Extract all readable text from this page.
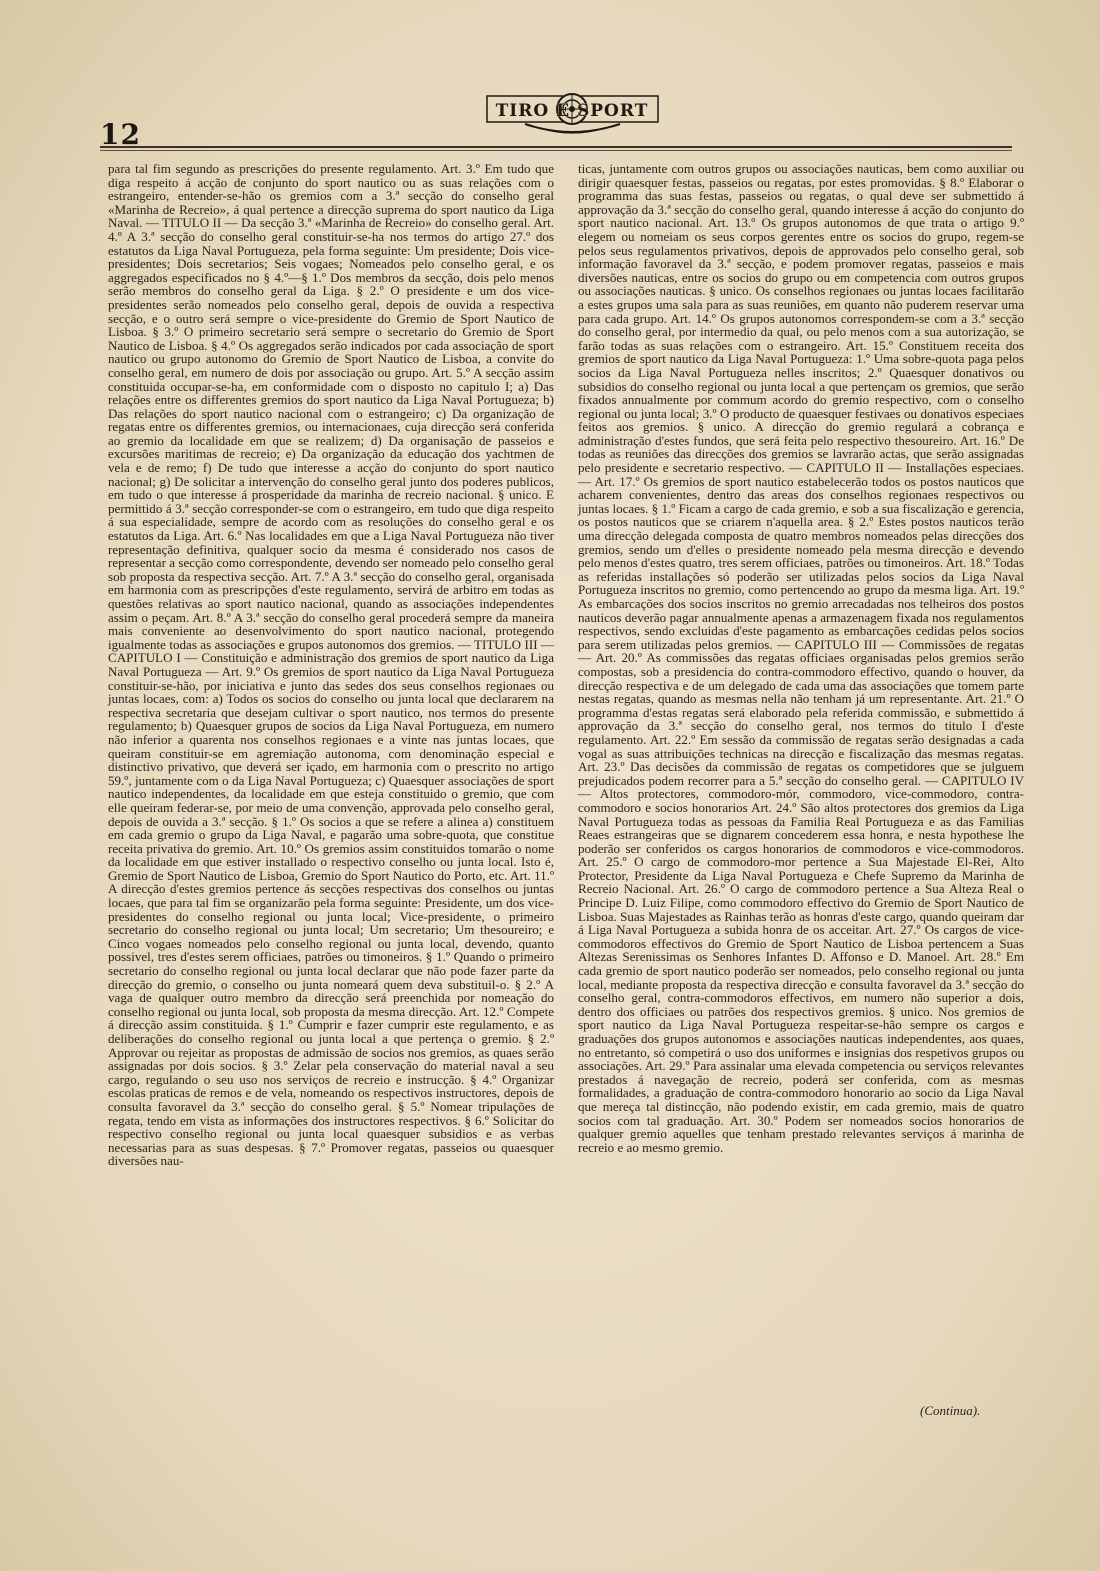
12
TIRO E SPORT

para tal fim segundo as prescrições do presente regulamento. Art. 3.º Em tudo que diga respeito á acção de conjunto do sport nautico ou as suas relações com o estrangeiro, entender-se-hão os gremios com a 3.ª secção do conselho geral «Marinha de Recreio», á qual pertence a direcção suprema do sport nautico da Liga Naval. — TITULO II — Da secção 3.ª «Marinha de Recreio» do conselho geral. Art. 4.º A 3.ª secção do conselho geral constituir-se-ha nos termos do artigo 27.º dos estatutos da Liga Naval Portugueza, pela forma seguinte: Um presidente; Dois vice-presidentes; Dois secretarios; Seis vogaes; Nomeados pelo conselho geral, e os aggregados especificados no § 4.º—§ 1.º Dos membros da secção, dois pelo menos serão membros do conselho geral da Liga. § 2.º O presidente e um dos vice-presidentes serão nomeados pelo conselho geral, depois de ouvida a respectiva secção, e o outro será sempre o vice-presidente do Gremio de Sport Nautico de Lisboa. § 3.º O primeiro secretario será sempre o secretario do Gremio de Sport Nautico de Lisboa. § 4.º Os aggregados serão indicados por cada associação de sport nautico ou grupo autonomo do Gremio de Sport Nautico de Lisboa, a convite do conselho geral, em numero de dois por associação ou grupo. Art. 5.º A secção assim constituida occupar-se-ha, em conformidade com o disposto no capitulo I; a) Das relações entre os differentes gremios do sport nautico da Liga Naval Portugueza; b) Das relações do sport nautico nacional com o estrangeiro; c) Da organização de regatas entre os differentes gremios, ou internacionaes, cuja direcção será conferida ao gremio da localidade em que se realizem; d) Da organisação de passeios e excursões maritimas de recreio; e) Da organização da educação dos yachtmen de vela e de remo; f) De tudo que interesse a acção do conjunto do sport nautico nacional; g) De solicitar a intervenção do conselho geral junto dos poderes publicos, em tudo o que interesse á prosperidade da marinha de recreio nacional. § unico. E permittido á 3.ª secção corresponder-se com o estrangeiro, em tudo que diga respeito á sua especialidade, sempre de acordo com as resoluções do conselho geral e os estatutos da Liga. Art. 6.º Nas localidades em que a Liga Naval Portugueza não tiver representação definitiva, qualquer socio da mesma é considerado nos casos de representar a secção como correspondente, devendo ser nomeado pelo conselho geral sob proposta da respectiva secção. Art. 7.º A 3.ª secção do conselho geral, organisada em harmonia com as prescripções d'este regulamento, servirá de arbitro em todas as questões relativas ao sport nautico nacional, quando as associações independentes assim o peçam. Art. 8.º A 3.ª secção do conselho geral procederá sempre da maneira mais conveniente ao desenvolvimento do sport nautico nacional, protegendo igualmente todas as associações e grupos autonomos dos gremios. — TITULO III — CAPITULO I — Constituição e administração dos gremios de sport nautico da Liga Naval Portugueza — Art. 9.º Os gremios de sport nautico da Liga Naval Portugueza constituir-se-hão, por iniciativa e junto das sedes dos seus conselhos regionaes ou juntas locaes, com: a) Todos os socios do conselho ou junta local que declararem na respectiva secretaria que desejam cultivar o sport nautico, nos termos do presente regulamento; b) Quaesquer grupos de socios da Liga Naval Portugueza, em numero não inferior a quarenta nos conselhos regionaes e a vinte nas juntas locaes, que queiram constituir-se em agremiação autonoma, com denominação especial e distinctivo privativo, que deverá ser içado, em harmonia com o prescrito no artigo 59.º, juntamente com o da Liga Naval Portugueza; c) Quaesquer associações de sport nautico independentes, da localidade em que esteja constituido o gremio, que com elle queiram federar-se, por meio de uma convenção, approvada pelo conselho geral, depois de ouvida a 3.ª secção. § 1.º Os socios a que se refere a alinea a) constituem em cada gremio o grupo da Liga Naval, e pagarão uma sobre-quota, que constitue receita privativa do gremio. Art. 10.º Os gremios assim constituidos tomarão o nome da localidade em que estiver installado o respectivo conselho ou junta local. Isto é, Gremio de Sport Nautico de Lisboa, Gremio do Sport Nautico do Porto, etc. Art. 11.º A direcção d'estes gremios pertence ás secções respectivas dos conselhos ou juntas locaes, que para tal fim se organizarão pela forma seguinte: Presidente, um dos vice-presidentes do conselho regional ou junta local; Vice-presidente, o primeiro secretario do conselho regional ou junta local; Um secretario; Um thesoureiro; e Cinco vogaes nomeados pelo conselho regional ou junta local, devendo, quanto possivel, tres d'estes serem officiaes, patrões ou timoneiros. § 1.º Quando o primeiro secretario do conselho regional ou junta local declarar que não pode fazer parte da direcção do gremio, o conselho ou junta nomeará quem deva substituil-o. § 2.º A vaga de qualquer outro membro da direcção será preenchida por nomeação do conselho regional ou junta local, sob proposta da mesma direcção. Art. 12.º Compete á direcção assim constituida. § 1.º Cumprir e fazer cumprir este regulamento, e as deliberações do conselho regional ou junta local a que pertença o gremio. § 2.º Approvar ou rejeitar as propostas de admissão de socios nos gremios, as quaes serão assignadas por dois socios. § 3.º Zelar pela conservação do material naval a seu cargo, regulando o seu uso nos serviços de recreio e instrucção. § 4.º Organizar escolas praticas de remos e de vela, nomeando os respectivos instructores, depois de consulta favoravel da 3.ª secção do conselho geral. § 5.º Nomear tripulações de regata, tendo em vista as informações dos instructores respectivos. § 6.º Solicitar do respectivo conselho regional ou junta local quaesquer subsidios e as verbas necessarias para as suas despesas. § 7.º Promover regatas, passeios ou quaesquer diversões nau-

ticas, juntamente com outros grupos ou associações nauticas, bem como auxiliar ou dirigir quaesquer festas, passeios ou regatas, por estes promovidas. § 8.º Elaborar o programma das suas festas, passeios ou regatas, o qual deve ser submettido á approvação da 3.ª secção do conselho geral, quando interesse á acção do conjunto do sport nautico nacional. Art. 13.º Os grupos autonomos de que trata o artigo 9.º elegem ou nomeiam os seus corpos gerentes entre os socios do grupo, regem-se pelos seus regulamentos privativos, depois de approvados pelo conselho geral, sob informação favoravel da 3.ª secção, e podem promover regatas, passeios e mais diversões nauticas, entre os socios do grupo ou em competencia com outros grupos ou associações nauticas. § unico. Os conselhos regionaes ou juntas locaes facilitarão a estes grupos uma sala para as suas reuniões, em quanto não puderem reservar uma para cada grupo. Art. 14.º Os grupos autonomos correspondem-se com a 3.ª secção do conselho geral, por intermedio da qual, ou pelo menos com a sua autorização, se farão todas as suas relações com o estrangeiro. Art. 15.º Constituem receita dos gremios de sport nautico da Liga Naval Portugueza: 1.º Uma sobre-quota paga pelos socios da Liga Naval Portugueza nelles inscritos; 2.º Quaesquer donativos ou subsidios do conselho regional ou junta local a que pertençam os gremios, que serão fixados annualmente por commum acordo do gremio respectivo, com o conselho regional ou junta local; 3.º O producto de quaesquer festivaes ou donativos especiaes feitos aos gremios. § unico. A direcção do gremio regulará a cobrança e administração d'estes fundos, que será feita pelo respectivo thesoureiro. Art. 16.º De todas as reuniões das direcções dos gremios se lavrarão actas, que serão assignadas pelo presidente e secretario respectivo. — CAPITULO II — Installações especiaes. — Art. 17.º Os gremios de sport nautico estabelecerão todos os postos nauticos que acharem convenientes, dentro das areas dos conselhos regionaes respectivos ou juntas locaes. § 1.º Ficam a cargo de cada gremio, e sob a sua fiscalização e gerencia, os postos nauticos que se criarem n'aquella area. § 2.º Estes postos nauticos terão uma direcção delegada composta de quatro membros nomeados pelas direcções dos gremios, sendo um d'elles o presidente nomeado pela mesma direcção e devendo pelo menos d'estes quatro, tres serem officiaes, patrões ou timoneiros. Art. 18.º Todas as referidas installações só poderão ser utilizadas pelos socios da Liga Naval Portugueza inscritos no gremio, como pertencendo ao grupo da mesma liga. Art. 19.º As embarcações dos socios inscritos no gremio arrecadadas nos telheiros dos postos nauticos deverão pagar annualmente apenas a armazenagem fixada nos regulamentos respectivos, sendo excluidas d'este pagamento as embarcações cedidas pelos socios para serem utilizadas pelos gremios. — CAPITULO III — Commissões de regatas — Art. 20.º As commissões das regatas officiaes organisadas pelos gremios serão compostas, sob a presidencia do contra-commodoro effectivo, quando o houver, da direcção respectiva e de um delegado de cada uma das associações que tomem parte nestas regatas, quando as mesmas nella não tenham já um representante. Art. 21.º O programma d'estas regatas será elaborado pela referida commissão, e submettido á approvação da 3.ª secção do conselho geral, nos termos do titulo I d'este regulamento. Art. 22.º Em sessão da commissão de regatas serão designadas a cada vogal as suas attribuições technicas na direcção e fiscalização das mesmas regatas. Art. 23.º Das decisões da commissão de regatas os competidores que se julguem prejudicados podem recorrer para a 5.ª secção do conselho geral. — CAPITULO IV — Altos protectores, commodoro-mór, commodoro, vice-commodoro, contra-commodoro e socios honorarios Art. 24.º São altos protectores dos gremios da Liga Naval Portugueza todas as pessoas da Familia Real Portugueza e as das Familias Reaes estrangeiras que se dignarem concederem essa honra, e nesta hypothese lhe poderão ser conferidos os cargos honorarios de commodoros e vice-commodoros. Art. 25.º O cargo de commodoro-mor pertence a Sua Majestade El-Rei, Alto Protector, Presidente da Liga Naval Portugueza e Chefe Supremo da Marinha de Recreio Nacional. Art. 26.º O cargo de commodoro pertence a Sua Alteza Real o Principe D. Luiz Filipe, como commodoro effectivo do Gremio de Sport Nautico de Lisboa. Suas Majestades as Rainhas terão as honras d'este cargo, quando queiram dar á Liga Naval Portugueza a subida honra de os acceitar. Art. 27.º Os cargos de vice-commodoros effectivos do Gremio de Sport Nautico de Lisboa pertencem a Suas Altezas Serenissimas os Senhores Infantes D. Affonso e D. Manoel. Art. 28.º Em cada gremio de sport nautico poderão ser nomeados, pelo conselho regional ou junta local, mediante proposta da respectiva direcção e consulta favoravel da 3.ª secção do conselho geral, contra-commodoros effectivos, em numero não superior a dois, dentro dos officiaes ou patrões dos respectivos gremios. § unico. Nos gremios de sport nautico da Liga Naval Portugueza respeitar-se-hão sempre os cargos e graduações dos grupos autonomos e associações nauticas independentes, aos quaes, no entretanto, só competirá o uso dos uniformes e insignias dos respetivos grupos ou associações. Art. 29.º Para assinalar uma elevada competencia ou serviços relevantes prestados á navegação de recreio, poderá ser conferida, com as mesmas formalidades, a graduação de contra-commodoro honorario ao socio da Liga Naval que mereça tal distincção, não podendo existir, em cada gremio, mais de quatro socios com tal graduação. Art. 30.º Podem ser nomeados socios honorarios de qualquer gremio aquelles que tenham prestado relevantes serviços á marinha de recreio e ao mesmo gremio.

(Continua).
